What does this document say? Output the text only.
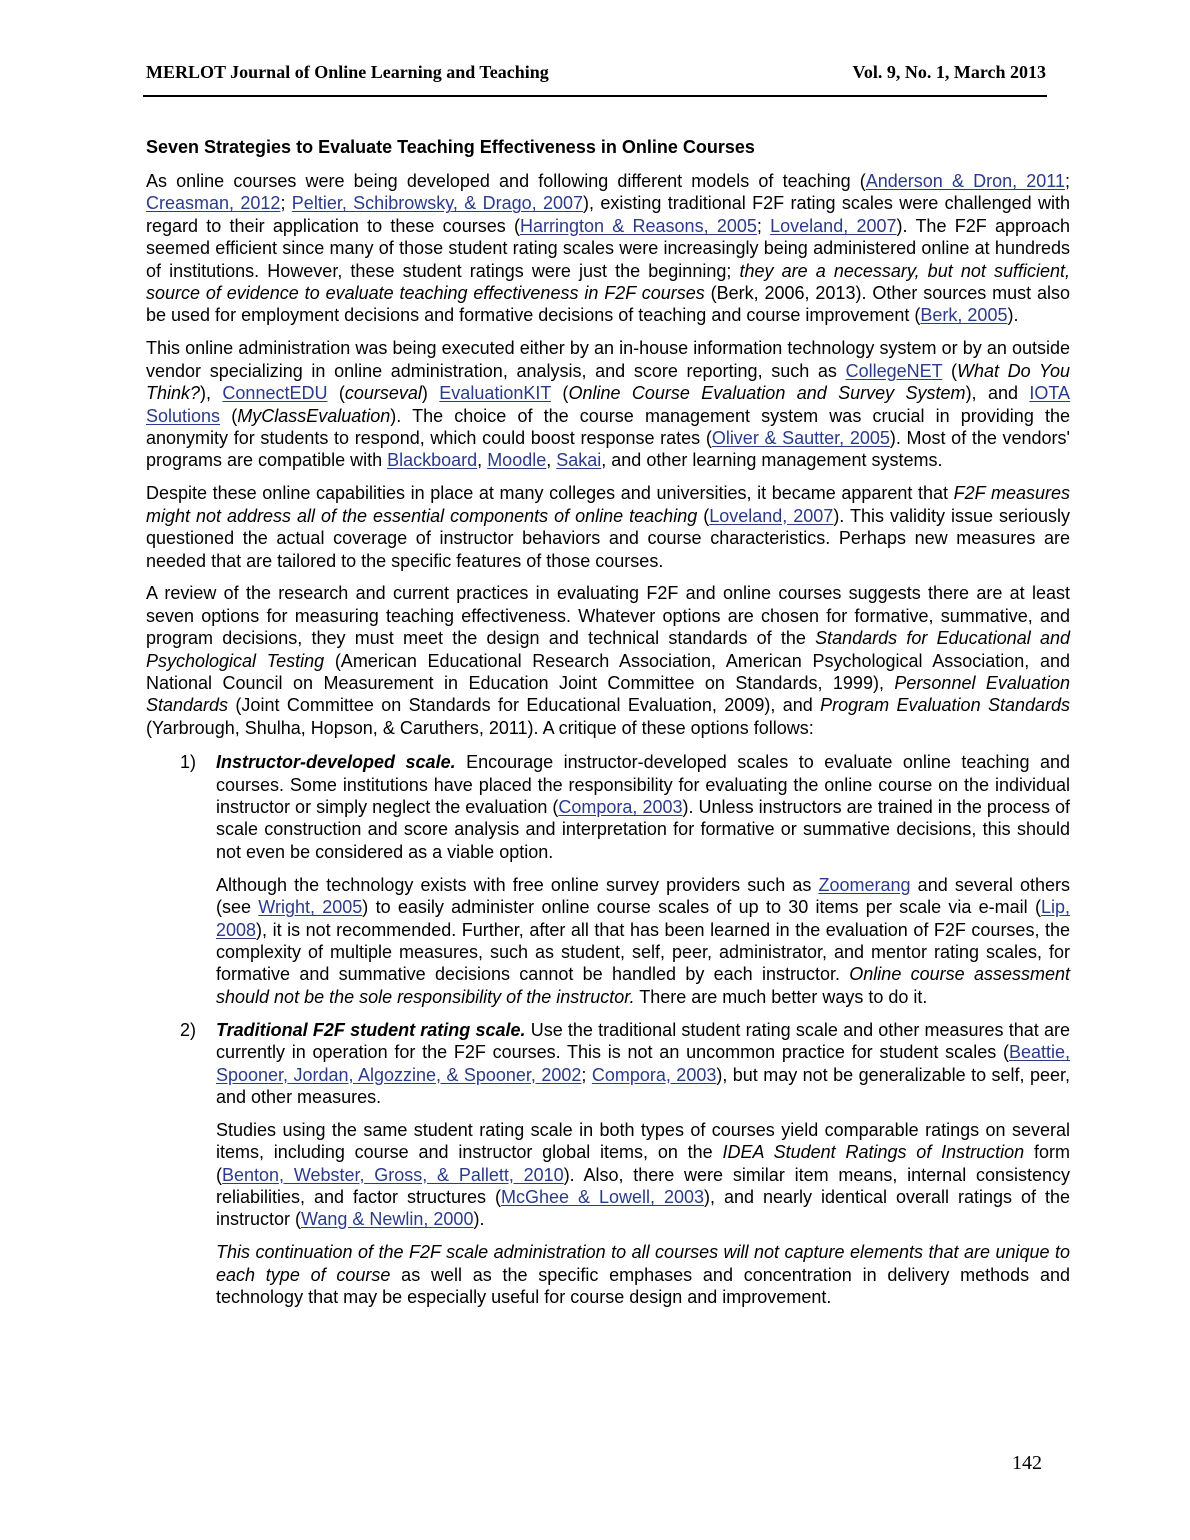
MERLOT Journal of Online Learning and Teaching	Vol. 9, No. 1, March 2013
Seven Strategies to Evaluate Teaching Effectiveness in Online Courses

As online courses were being developed and following different models of teaching (Anderson & Dron, 2011; Creasman, 2012; Peltier, Schibrowsky, & Drago, 2007), existing traditional F2F rating scales were challenged with regard to their application to these courses (Harrington & Reasons, 2005; Loveland, 2007). The F2F approach seemed efficient since many of those student rating scales were increasingly being administered online at hundreds of institutions. However, these student ratings were just the beginning; they are a necessary, but not sufficient, source of evidence to evaluate teaching effectiveness in F2F courses (Berk, 2006, 2013). Other sources must also be used for employment decisions and formative decisions of teaching and course improvement (Berk, 2005).

This online administration was being executed either by an in-house information technology system or by an outside vendor specializing in online administration, analysis, and score reporting, such as CollegeNET (What Do You Think?), ConnectEDU (courseval) EvaluationKIT (Online Course Evaluation and Survey System), and IOTA Solutions (MyClassEvaluation). The choice of the course management system was crucial in providing the anonymity for students to respond, which could boost response rates (Oliver & Sautter, 2005). Most of the vendors' programs are compatible with Blackboard, Moodle, Sakai, and other learning management systems.

Despite these online capabilities in place at many colleges and universities, it became apparent that F2F measures might not address all of the essential components of online teaching (Loveland, 2007). This validity issue seriously questioned the actual coverage of instructor behaviors and course characteristics. Perhaps new measures are needed that are tailored to the specific features of those courses.

A review of the research and current practices in evaluating F2F and online courses suggests there are at least seven options for measuring teaching effectiveness. Whatever options are chosen for formative, summative, and program decisions, they must meet the design and technical standards of the Standards for Educational and Psychological Testing (American Educational Research Association, American Psychological Association, and National Council on Measurement in Education Joint Committee on Standards, 1999), Personnel Evaluation Standards (Joint Committee on Standards for Educational Evaluation, 2009), and Program Evaluation Standards (Yarbrough, Shulha, Hopson, & Caruthers, 2011). A critique of these options follows:

1) Instructor-developed scale. Encourage instructor-developed scales to evaluate online teaching and courses. Some institutions have placed the responsibility for evaluating the online course on the individual instructor or simply neglect the evaluation (Compora, 2003). Unless instructors are trained in the process of scale construction and score analysis and interpretation for formative or summative decisions, this should not even be considered as a viable option.

Although the technology exists with free online survey providers such as Zoomerang and several others (see Wright, 2005) to easily administer online course scales of up to 30 items per scale via e-mail (Lip, 2008), it is not recommended. Further, after all that has been learned in the evaluation of F2F courses, the complexity of multiple measures, such as student, self, peer, administrator, and mentor rating scales, for formative and summative decisions cannot be handled by each instructor. Online course assessment should not be the sole responsibility of the instructor. There are much better ways to do it.

2) Traditional F2F student rating scale. Use the traditional student rating scale and other measures that are currently in operation for the F2F courses. This is not an uncommon practice for student scales (Beattie, Spooner, Jordan, Algozzine, & Spooner, 2002; Compora, 2003), but may not be generalizable to self, peer, and other measures.

Studies using the same student rating scale in both types of courses yield comparable ratings on several items, including course and instructor global items, on the IDEA Student Ratings of Instruction form (Benton, Webster, Gross, & Pallett, 2010). Also, there were similar item means, internal consistency reliabilities, and factor structures (McGhee & Lowell, 2003), and nearly identical overall ratings of the instructor (Wang & Newlin, 2000).

This continuation of the F2F scale administration to all courses will not capture elements that are unique to each type of course as well as the specific emphases and concentration in delivery methods and technology that may be especially useful for course design and improvement.

142
